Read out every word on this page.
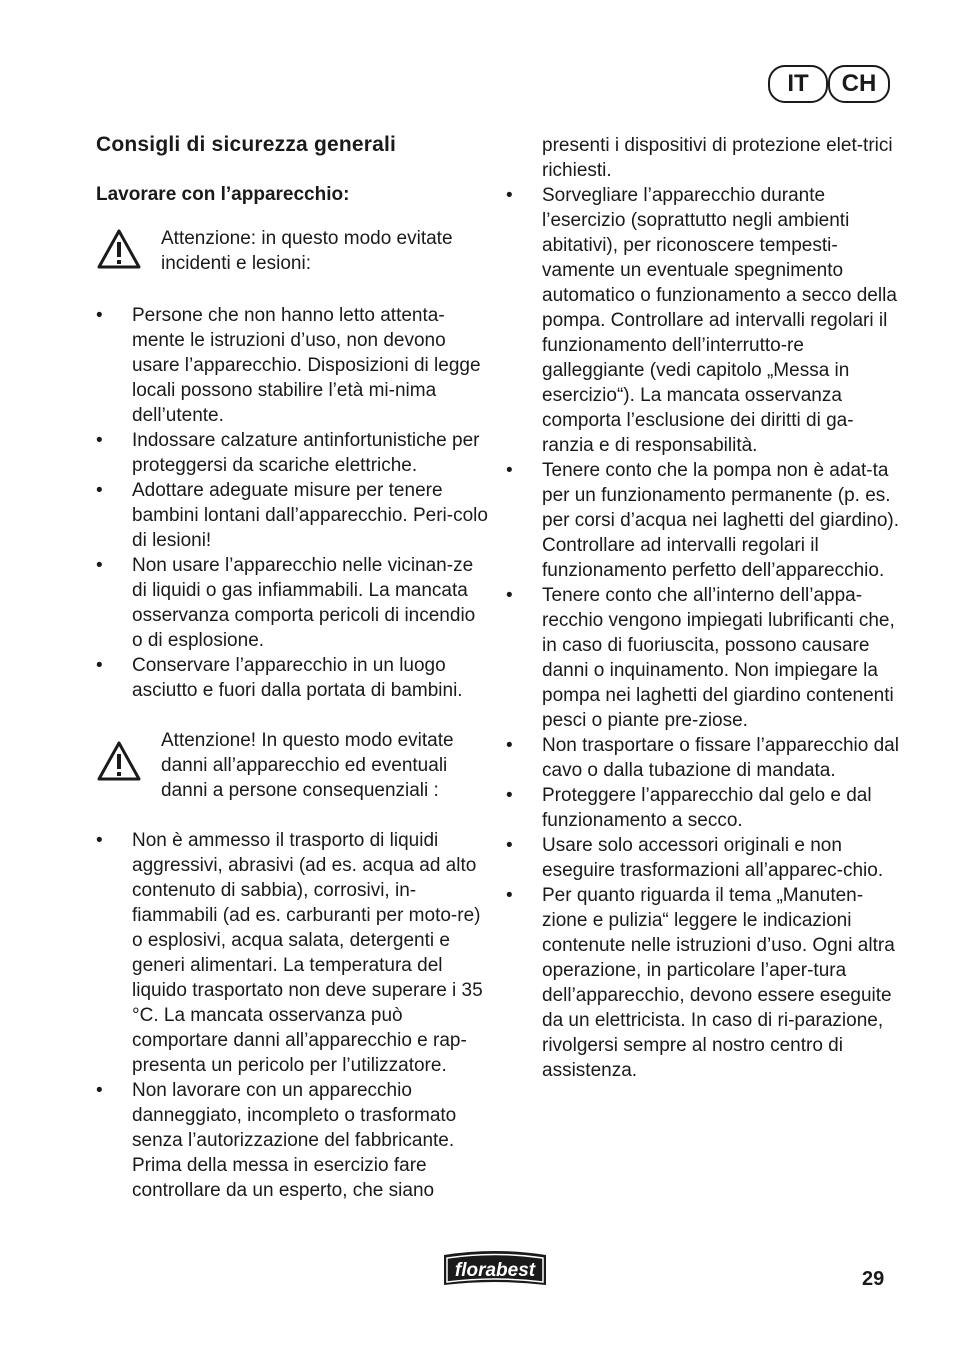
IT	CH
Consigli di sicurezza generali
Lavorare con l’apparecchio:
Attenzione: in questo modo evitate incidenti e lesioni:
• Persone che non hanno letto attenta-mente le istruzioni d’uso, non devono usare l’apparecchio. Disposizioni di legge locali possono stabilire l’età mi-nima dell’utente.
• Indossare calzature antinfortunistiche per proteggersi da scariche elettriche.
• Adottare adeguate misure per tenere bambini lontani dall’apparecchio. Peri-colo di lesioni!
• Non usare l’apparecchio nelle vicinan-ze di liquidi o gas infiammabili. La mancata osservanza comporta pericoli di incendio o di esplosione.
• Conservare l’apparecchio in un luogo asciutto e fuori dalla portata di bambini.
Attenzione! In questo modo evitate danni all’apparecchio ed eventuali danni a persone consequenziali :
• Non è ammesso il trasporto di liquidi aggressivi, abrasivi (ad es. acqua ad alto contenuto di sabbia), corrosivi, in-fiammabili (ad es. carburanti per moto-re) o esplosivi, acqua salata, detergenti e generi alimentari. La temperatura del liquido trasportato non deve superare i 35 °C. La mancata osservanza può comportare danni all’apparecchio e rap-presenta un pericolo per l’utilizzatore.
• Non lavorare con un apparecchio danneggiato, incompleto o trasformato senza l’autorizzazione del fabbricante. Prima della messa in esercizio fare controllare da un esperto, che siano
presenti i dispositivi di protezione elet-trici richiesti.
• Sorvegliare l’apparecchio durante l’esercizio (soprattutto negli ambienti abitativi), per riconoscere tempesti-vamente un eventuale spegnimento automatico o funzionamento a secco della pompa. Controllare ad intervalli regolari il funzionamento dell’interrutto-re galleggiante (vedi capitolo „Messa in esercizio“). La mancata osservanza comporta l’esclusione dei diritti di ga-ranzia e di responsabilità.
• Tenere conto che la pompa non è adat-ta per un funzionamento permanente (p. es. per corsi d’acqua nei laghetti del giardino). Controllare ad intervalli regolari il funzionamento perfetto dell’apparecchio.
• Tenere conto che all’interno dell’appa-recchio vengono impiegati lubrificanti che, in caso di fuoriuscita, possono causare danni o inquinamento. Non impiegare la pompa nei laghetti del giardino contenenti pesci o piante pre-ziose.
• Non trasportare o fissare l’apparecchio dal cavo o dalla tubazione di mandata.
• Proteggere l’apparecchio dal gelo e dal funzionamento a secco.
• Usare solo accessori originali e non eseguire trasformazioni all’apparec-chio.
• Per quanto riguarda il tema „Manuten-zione e pulizia“ leggere le indicazioni contenute nelle istruzioni d’uso. Ogni altra operazione, in particolare l’aper-tura dell’apparecchio, devono essere eseguite da un elettricista. In caso di ri-parazione, rivolgersi sempre al nostro centro di assistenza.
florabest	29
